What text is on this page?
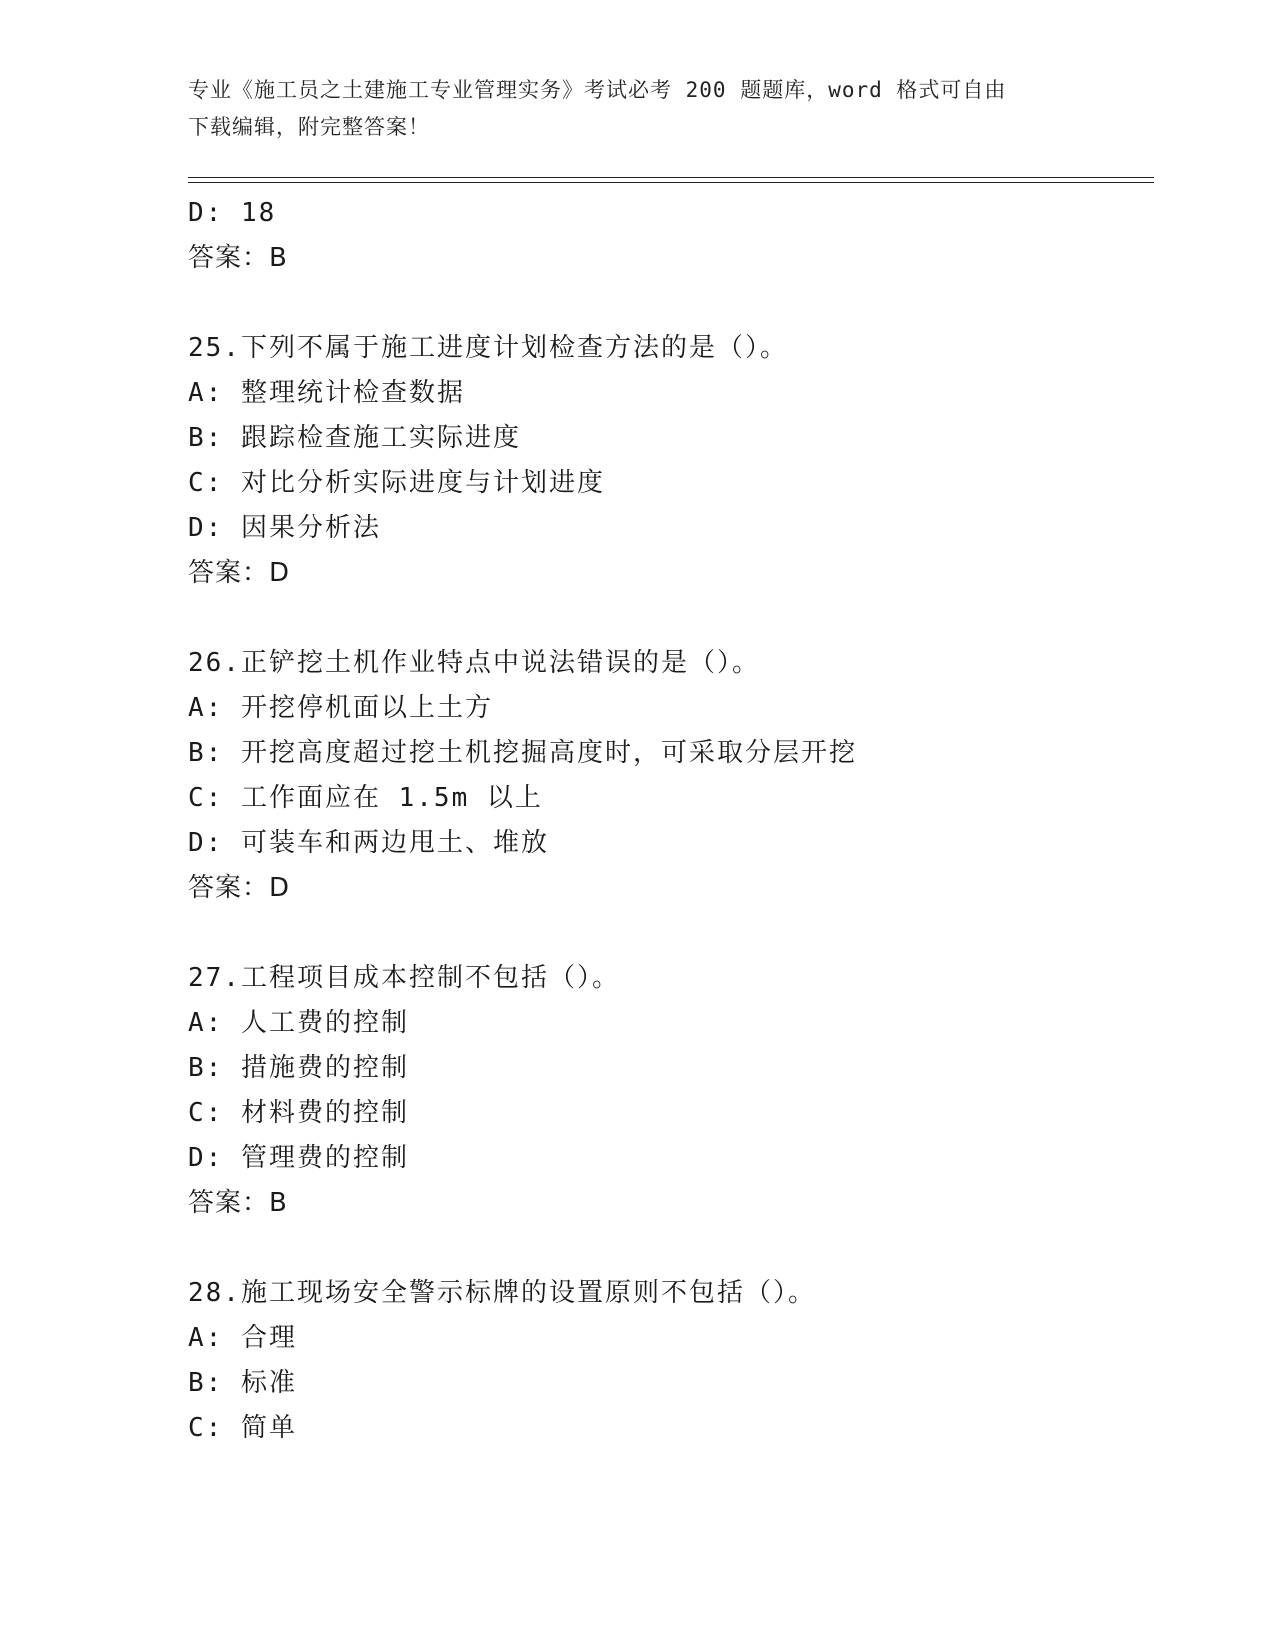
专业《施工员之土建施工专业管理实务》考试必考 200 题题库，word 格式可自由
下载编辑，附完整答案！
D: 18
答案：B
25.下列不属于施工进度计划检查方法的是（）。
A: 整理统计检查数据
B: 跟踪检查施工实际进度
C: 对比分析实际进度与计划进度
D: 因果分析法
答案：D
26.正铲挖土机作业特点中说法错误的是（）。
A: 开挖停机面以上土方
B: 开挖高度超过挖土机挖掘高度时，可采取分层开挖
C: 工作面应在 1.5m 以上
D: 可装车和两边甩土、堆放
答案：D
27.工程项目成本控制不包括（）。
A: 人工费的控制
B: 措施费的控制
C: 材料费的控制
D: 管理费的控制
答案：B
28.施工现场安全警示标牌的设置原则不包括（）。
A: 合理
B: 标准
C: 简单
